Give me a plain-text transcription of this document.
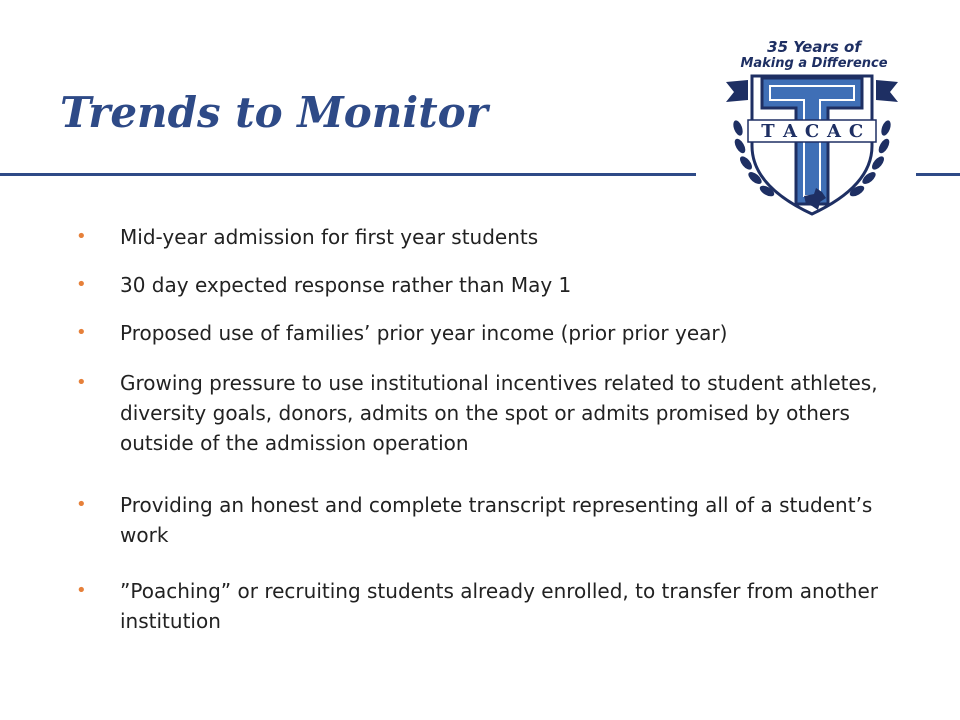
Trends to Monitor
35 Years of
Making a Difference
T A C A C
• Mid-year admission for first year students
• 30 day expected response rather than May 1
• Proposed use of families’ prior year income (prior prior year)
• Growing pressure to use institutional incentives related to student athletes, diversity goals, donors, admits on the spot or admits promised by others outside of the admission operation
• Providing an honest and complete transcript representing all of a student’s work
• ”Poaching” or recruiting students already enrolled, to transfer from another institution
